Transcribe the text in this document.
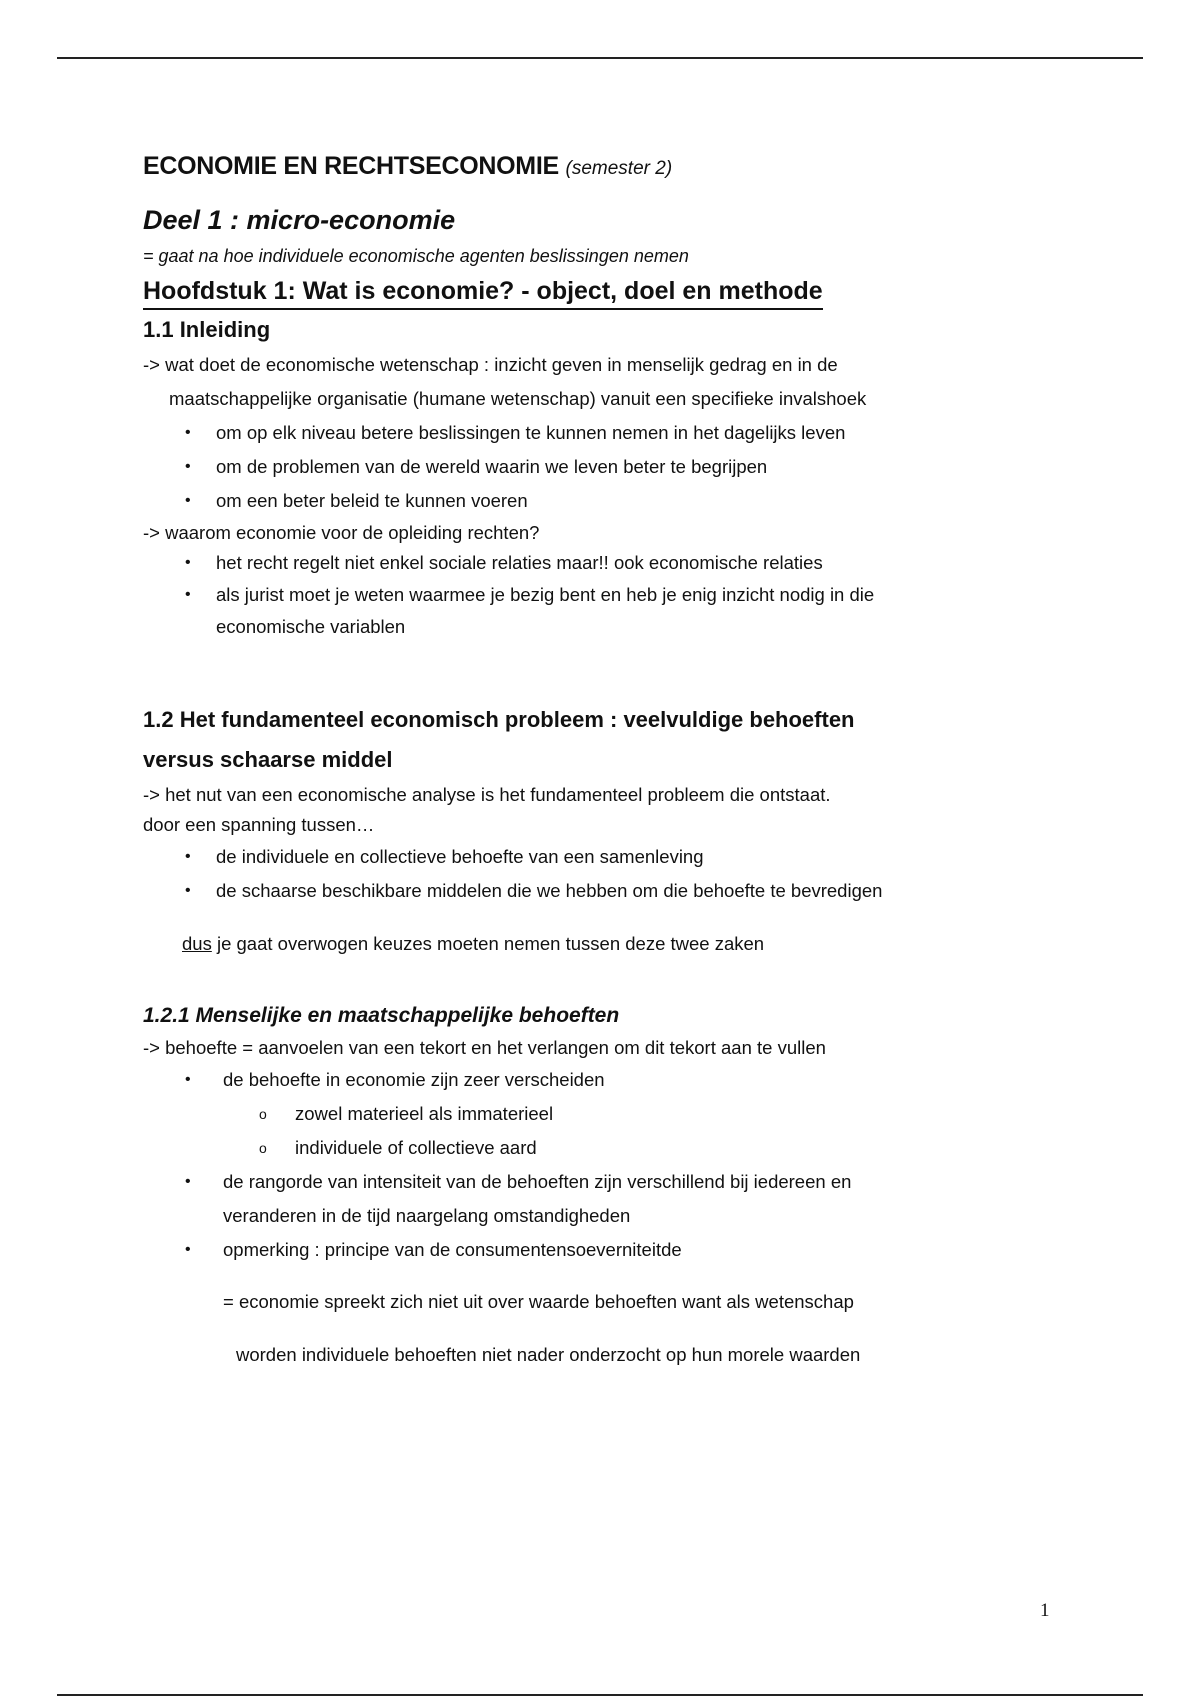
ECONOMIE EN RECHTSECONOMIE (semester 2)
Deel 1 : micro-economie

= gaat na hoe individuele economische agenten beslissingen nemen

Hoofdstuk 1: Wat is economie? - object, doel en methode
1.1 Inleiding

-> wat doet de economische wetenschap : inzicht geven in menselijk gedrag en in de

maatschappelijke organisatie (humane wetenschap) vanuit een specifieke invalshoek

• om op elk niveau betere beslissingen te kunnen nemen in het dagelijks leven
• om de problemen van de wereld waarin we leven beter te begrijpen
• om een beter beleid te kunnen voeren

-> waarom economie voor de opleiding rechten?

• het recht regelt niet enkel sociale relaties maar!! ook economische relaties
• als jurist moet je weten waarmee je bezig bent en heb je enig inzicht nodig in die
economische variablen
1.2 Het fundamenteel economisch probleem : veelvuldige behoeften
versus schaarse middel

-> het nut van een economische analyse is het fundamenteel probleem die ontstaat.

door een spanning tussen…

• de individuele en collectieve behoefte van een samenleving
• de schaarse beschikbare middelen die we hebben om die behoefte te bevredigen

dus je gaat overwogen keuzes moeten nemen tussen deze twee zaken

1.2.1 Menselijke en maatschappelijke behoeften

-> behoefte = aanvoelen van een tekort en het verlangen om dit tekort aan te vullen

• de behoefte in economie zijn zeer verscheiden
o zowel materieel als immaterieel
o individuele of collectieve aard
• de rangorde van intensiteit van de behoeften zijn verschillend bij iedereen en
veranderen in de tijd naargelang omstandigheden
• opmerking : principe van de consumentensoeverniteitde

= economie spreekt zich niet uit over waarde behoeften want als wetenschap

worden individuele behoeften niet nader onderzocht op hun morele waarden

1
